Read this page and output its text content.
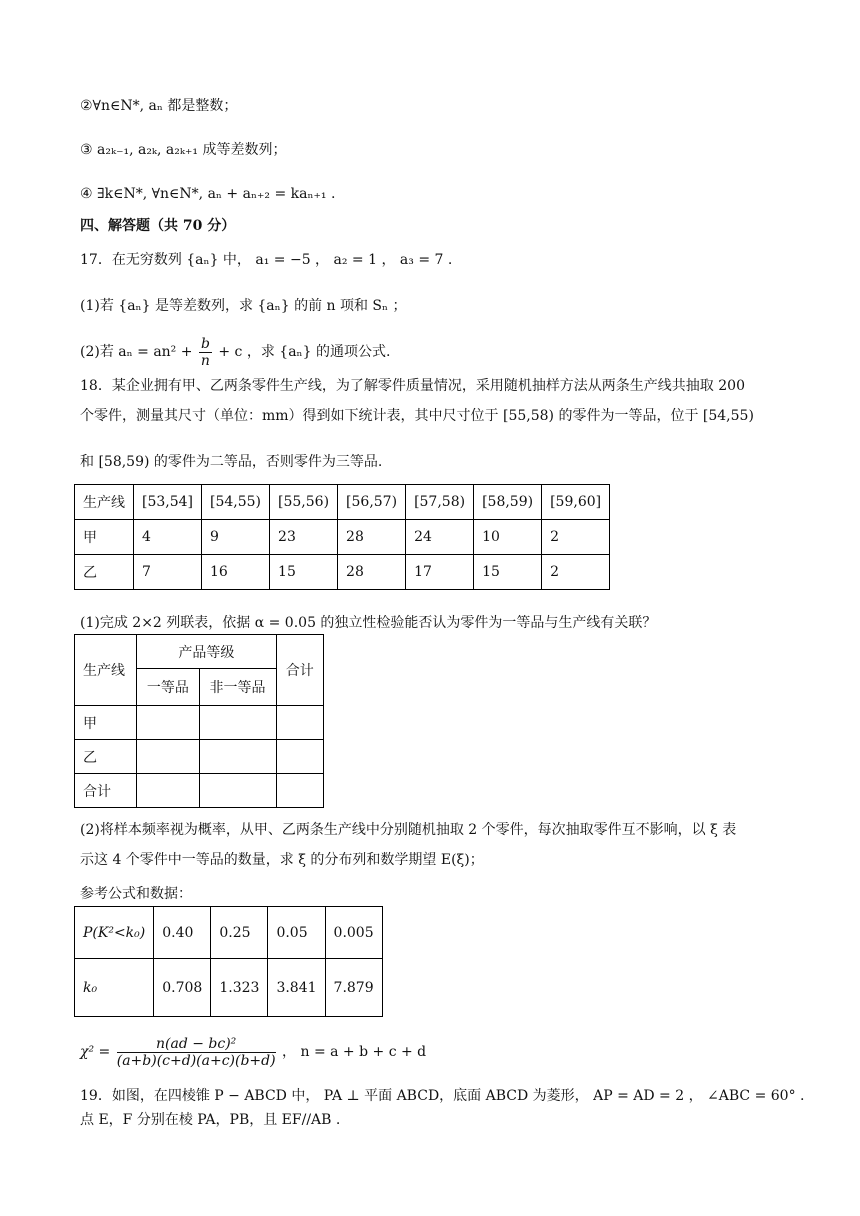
②∀n∈N*, aₙ 都是整数；
③ a₂ₖ₋₁, a₂ₖ, a₂ₖ₊₁ 成等差数列；
④ ∃k∈N*, ∀n∈N*, aₙ + aₙ₊₂ = kaₙ₊₁ .
四、解答题（共 70 分）
17．在无穷数列 {aₙ} 中， a₁ = −5 ， a₂ = 1 ， a₃ = 7 .
(1)若 {aₙ} 是等差数列，求 {aₙ} 的前 n 项和 Sₙ ；
(2)若 $a_n = an^2 + \frac{b}{n} + c$ ，求 {aₙ} 的通项公式.
18．某企业拥有甲、乙两条零件生产线，为了解零件质量情况，采用随机抽样方法从两条生产线共抽取 200
个零件，测量其尺寸（单位：mm）得到如下统计表，其中尺寸位于 [55,58) 的零件为一等品，位于 [54,55)
和 [58,59) 的零件为二等品，否则零件为三等品.
生产线	[53,54]	[54,55)	[55,56)	[56,57)	[57,58)	[58,59)	[59,60]
甲	4	9	23	28	24	10	2
乙	7	16	15	28	17	15	2
(1)完成 2×2 列联表，依据 α = 0.05 的独立性检验能否认为零件为一等品与生产线有关联？
生产线	产品等级		合计
	一等品	非一等品	
甲			
乙			
合计			
(2)将样本频率视为概率，从甲、乙两条生产线中分别随机抽取 2 个零件，每次抽取零件互不影响，以 ξ 表
示这 4 个零件中一等品的数量，求 ξ 的分布列和数学期望 E(ξ)；
参考公式和数据：
P(K²<k₀)	0.40	0.25	0.05	0.005
k₀	0.708	1.323	3.841	7.879
$\chi^2 = \frac{\text{n(ad − bc)²}}{(a+b)(c+d)(a+c)(b+d)}$ ， n = a + b + c + d
19．如图，在四棱锥 P − ABCD 中， PA ⊥ 平面 ABCD，底面 ABCD 为菱形， AP = AD = 2 ， ∠ABC = 60° .
点 E，F 分别在棱 PA，PB，且 EF//AB .
